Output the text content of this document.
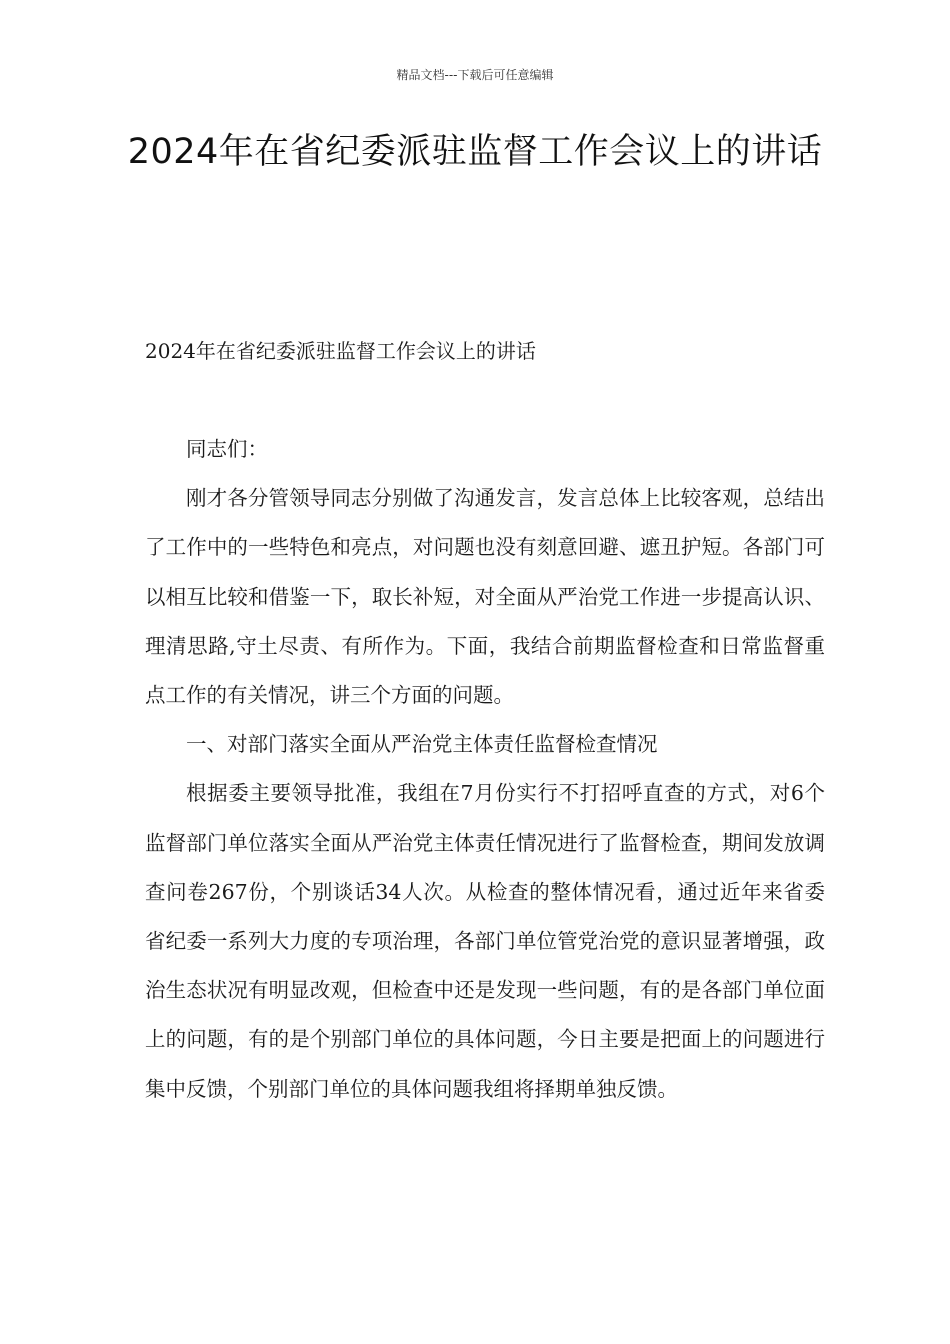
精品文档---下载后可任意编辑
2024年在省纪委派驻监督工作会议上的讲话
2024年在省纪委派驻监督工作会议上的讲话

同志们：

刚才各分管领导同志分别做了沟通发言，发言总体上比较客观，总结出了工作中的一些特色和亮点，对问题也没有刻意回避、遮丑护短。各部门可以相互比较和借鉴一下，取长补短，对全面从严治党工作进一步提高认识、理清思路,守土尽责、有所作为。下面，我结合前期监督检查和日常监督重点工作的有关情况，讲三个方面的问题。

一、对部门落实全面从严治党主体责任监督检查情况

根据委主要领导批准，我组在7月份实行不打招呼直查的方式，对6个监督部门单位落实全面从严治党主体责任情况进行了监督检查，期间发放调查问卷267份，个别谈话34人次。从检查的整体情况看，通过近年来省委省纪委一系列大力度的专项治理，各部门单位管党治党的意识显著增强，政治生态状况有明显改观，但检查中还是发现一些问题，有的是各部门单位面上的问题，有的是个别部门单位的具体问题，今日主要是把面上的问题进行集中反馈，个别部门单位的具体问题我组将择期单独反馈。
